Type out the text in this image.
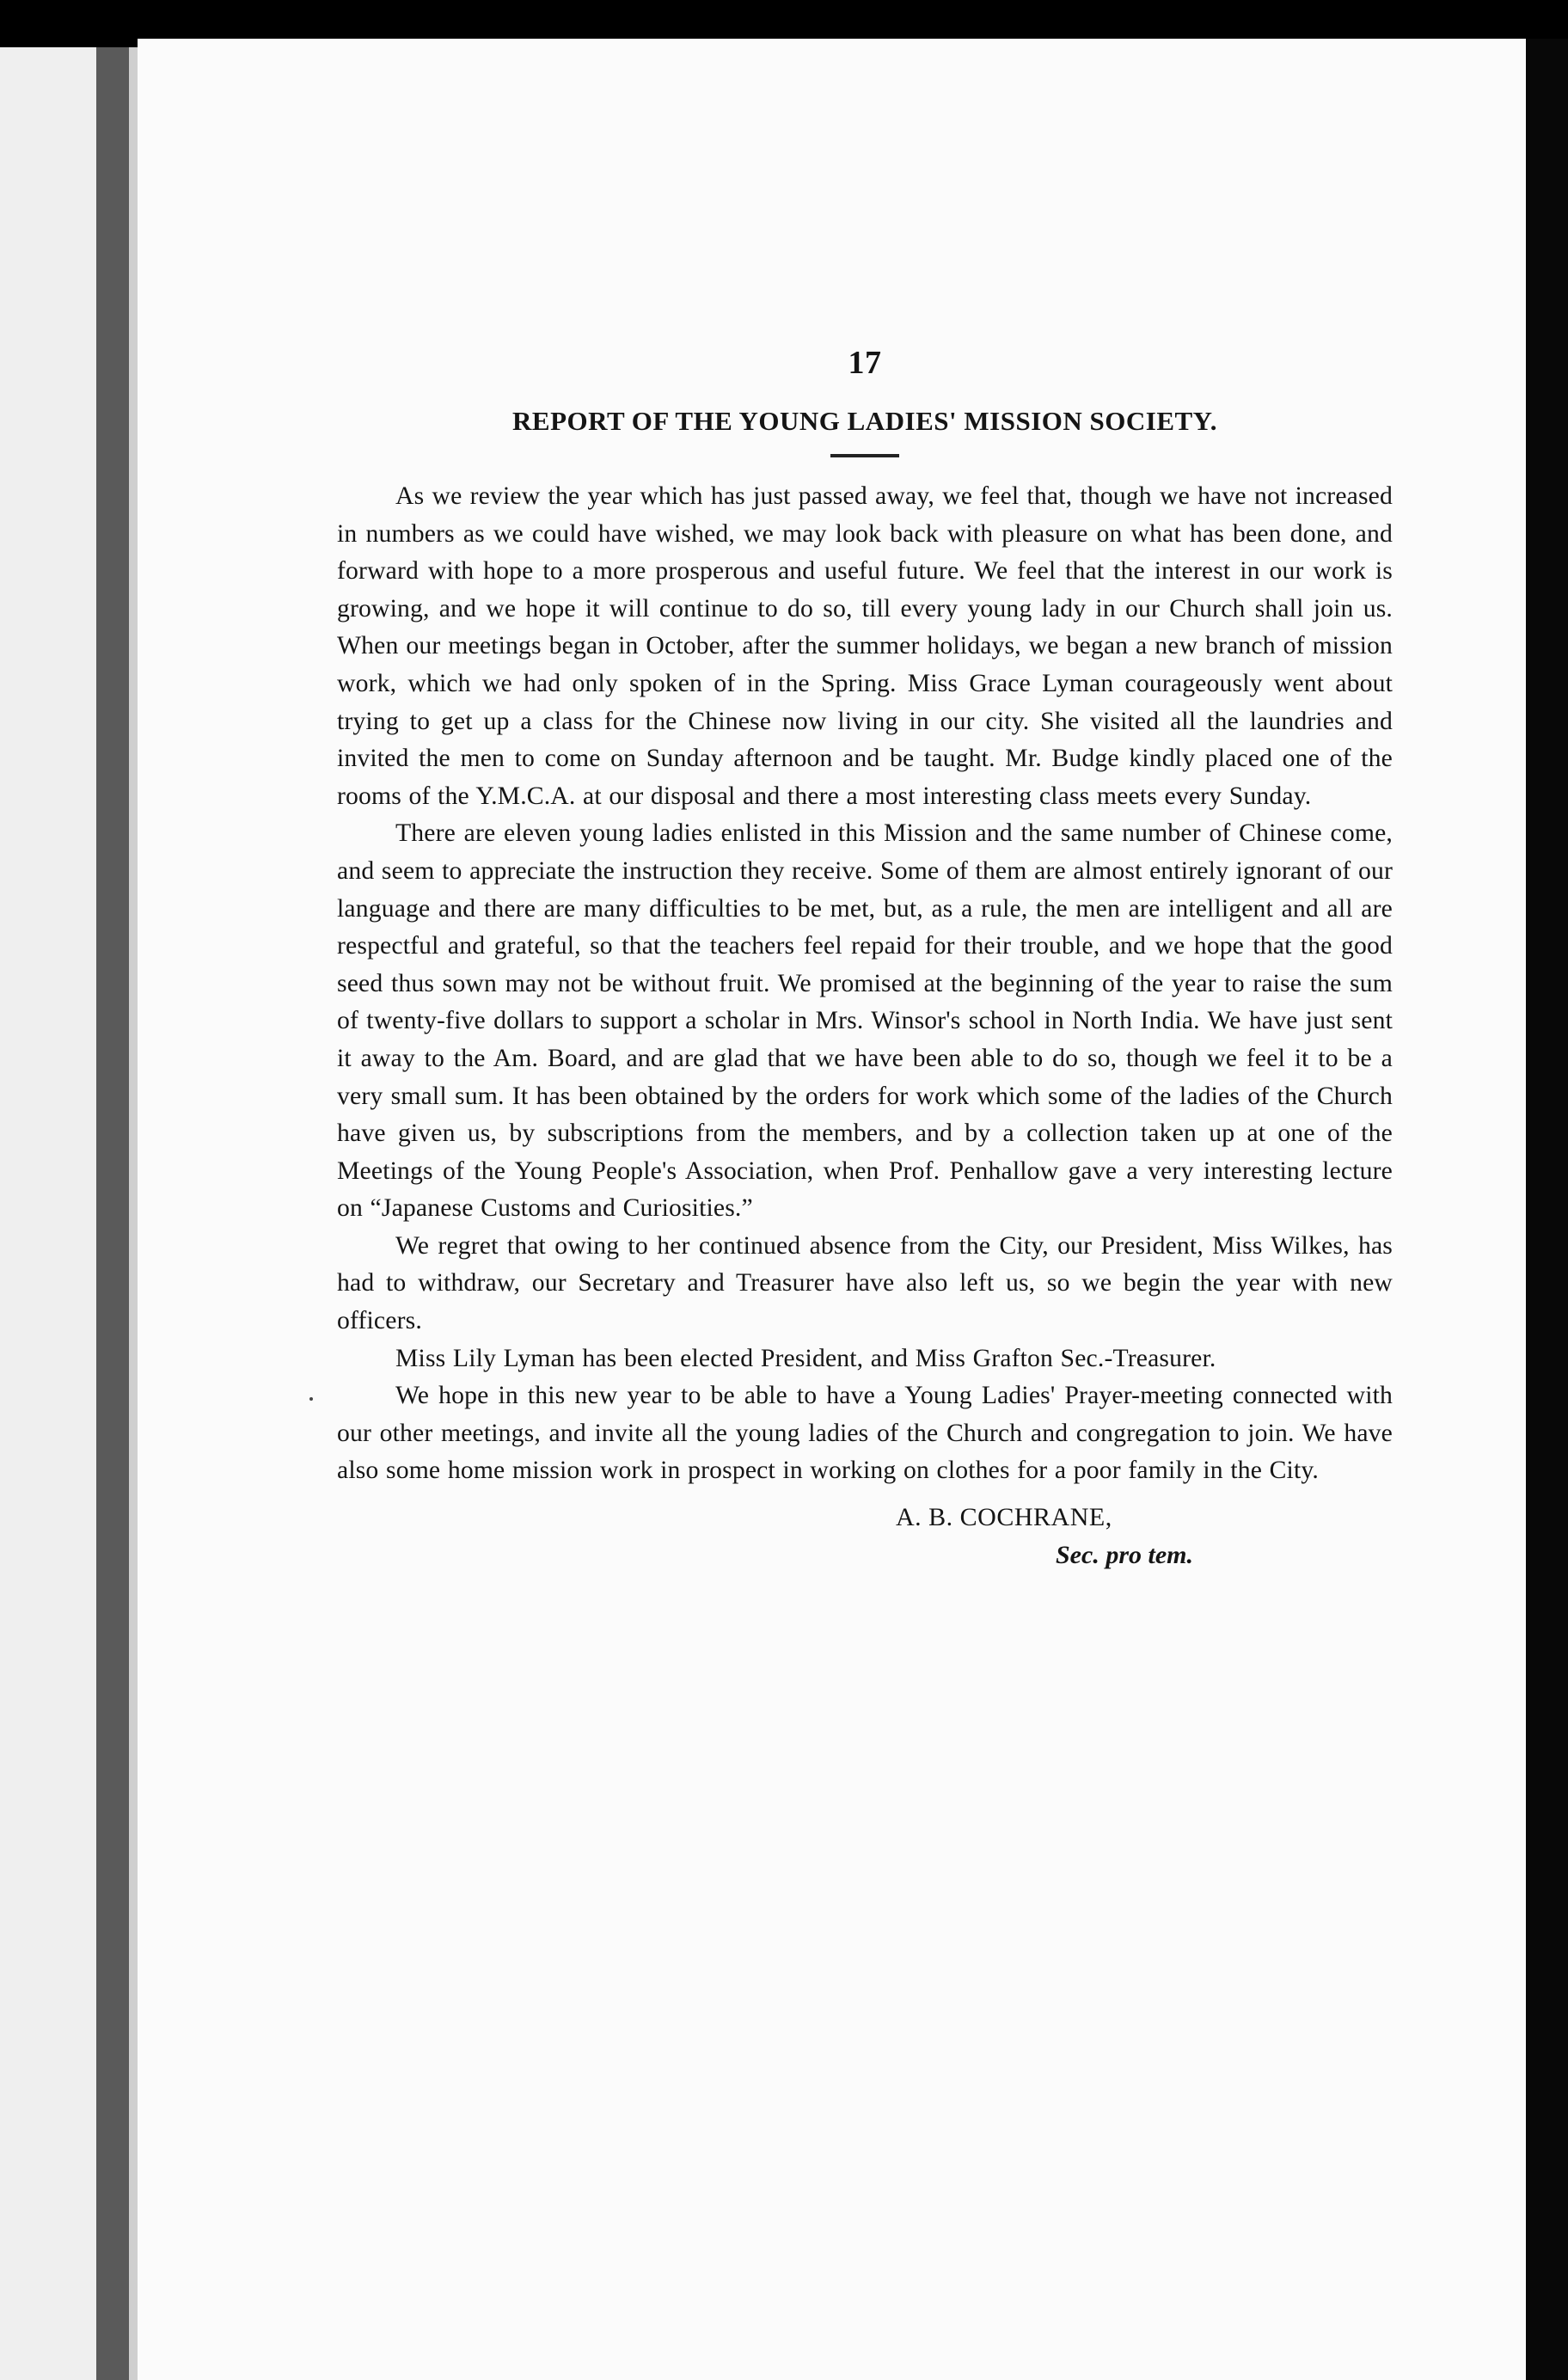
17
REPORT OF THE YOUNG LADIES' MISSION SOCIETY.

As we review the year which has just passed away, we feel that, though we have not increased in numbers as we could have wished, we may look back with pleasure on what has been done, and forward with hope to a more prosperous and useful future. We feel that the interest in our work is growing, and we hope it will continue to do so, till every young lady in our Church shall join us. When our meetings began in October, after the summer holidays, we began a new branch of mission work, which we had only spoken of in the Spring. Miss Grace Lyman courageously went about trying to get up a class for the Chinese now living in our city. She visited all the laundries and invited the men to come on Sunday afternoon and be taught. Mr. Budge kindly placed one of the rooms of the Y.M.C.A. at our disposal and there a most interesting class meets every Sunday.

There are eleven young ladies enlisted in this Mission and the same number of Chinese come, and seem to appreciate the instruction they receive. Some of them are almost entirely ignorant of our language and there are many difficulties to be met, but, as a rule, the men are intelligent and all are respectful and grateful, so that the teachers feel repaid for their trouble, and we hope that the good seed thus sown may not be without fruit. We promised at the beginning of the year to raise the sum of twenty-five dollars to support a scholar in Mrs. Winsor's school in North India. We have just sent it away to the Am. Board, and are glad that we have been able to do so, though we feel it to be a very small sum. It has been obtained by the orders for work which some of the ladies of the Church have given us, by subscriptions from the members, and by a collection taken up at one of the Meetings of the Young People's Association, when Prof. Penhallow gave a very interesting lecture on “Japanese Customs and Curiosities.”

We regret that owing to her continued absence from the City, our President, Miss Wilkes, has had to withdraw, our Secretary and Treasurer have also left us, so we begin the year with new officers.

Miss Lily Lyman has been elected President, and Miss Grafton Sec.-Treasurer.

We hope in this new year to be able to have a Young Ladies' Prayer-meeting connected with our other meetings, and invite all the young ladies of the Church and congregation to join. We have also some home mission work in prospect in working on clothes for a poor family in the City.

A. B. COCHRANE,

Sec. pro tem.
